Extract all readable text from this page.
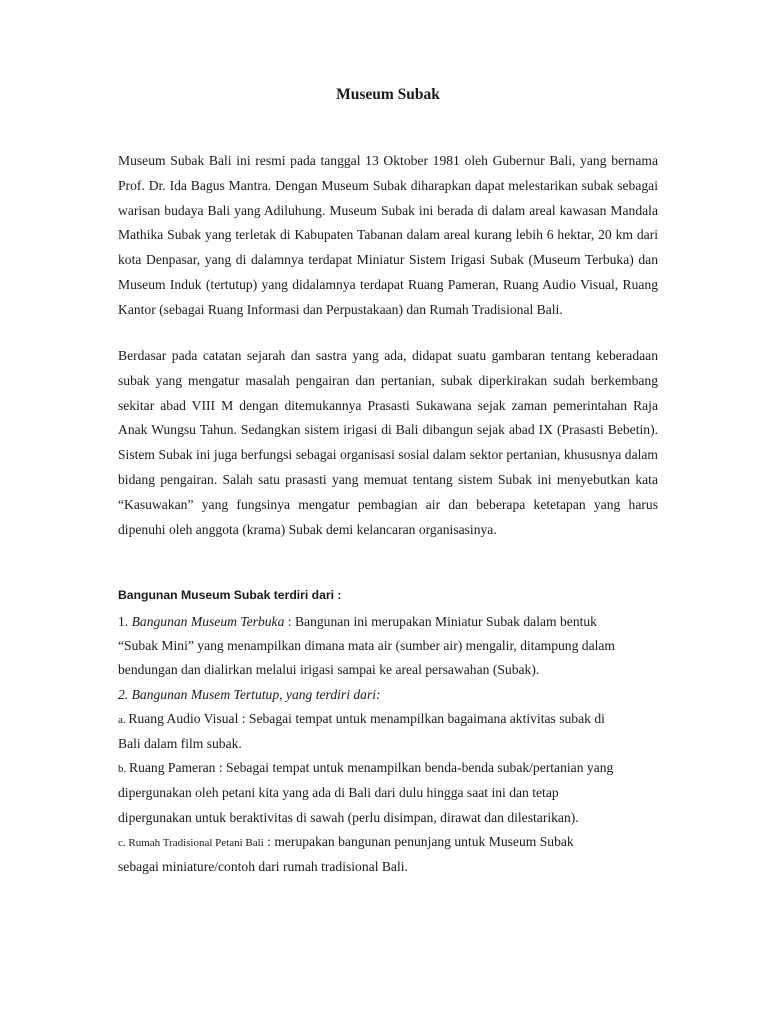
Museum Subak

Museum Subak Bali ini resmi pada tanggal 13 Oktober 1981 oleh Gubernur Bali, yang bernama Prof. Dr. Ida Bagus Mantra. Dengan Museum Subak diharapkan dapat melestarikan subak sebagai warisan budaya Bali yang Adiluhung. Museum Subak ini berada di dalam areal kawasan Mandala Mathika Subak yang terletak di Kabupaten Tabanan dalam areal kurang lebih 6 hektar, 20 km dari kota Denpasar, yang di dalamnya terdapat Miniatur Sistem Irigasi Subak (Museum Terbuka) dan Museum Induk (tertutup) yang didalamnya terdapat Ruang Pameran, Ruang Audio Visual, Ruang Kantor (sebagai Ruang Informasi dan Perpustakaan) dan Rumah Tradisional Bali.

Berdasar pada catatan sejarah dan sastra yang ada, didapat suatu gambaran tentang keberadaan subak yang mengatur masalah pengairan dan pertanian, subak diperkirakan sudah berkembang sekitar abad VIII M dengan ditemukannya Prasasti Sukawana sejak zaman pemerintahan Raja Anak Wungsu Tahun. Sedangkan sistem irigasi di Bali dibangun sejak abad IX (Prasasti Bebetin). Sistem Subak ini juga berfungsi sebagai organisasi sosial dalam sektor pertanian, khususnya dalam bidang pengairan. Salah satu prasasti yang memuat tentang sistem Subak ini menyebutkan kata “Kasuwakan” yang fungsinya mengatur pembagian air dan beberapa ketetapan yang harus dipenuhi oleh anggota (krama) Subak demi kelancaran organisasinya.

Bangunan Museum Subak terdiri dari :

1. Bangunan Museum Terbuka : Bangunan ini merupakan Miniatur Subak dalam bentuk

“Subak Mini” yang menampilkan dimana mata air (sumber air) mengalir, ditampung dalam

bendungan dan dialirkan melalui irigasi sampai ke areal persawahan (Subak).

2. Bangunan Musem Tertutup, yang terdiri dari:

a. Ruang Audio Visual : Sebagai tempat untuk menampilkan bagaimana aktivitas subak di

Bali dalam film subak.

b. Ruang Pameran : Sebagai tempat untuk menampilkan benda-benda subak/pertanian yang

dipergunakan oleh petani kita yang ada di Bali dari dulu hingga saat ini dan tetap

dipergunakan untuk beraktivitas di sawah (perlu disimpan, dirawat dan dilestarikan).

c. Rumah Tradisional Petani Bali : merupakan bangunan penunjang untuk Museum Subak

sebagai miniature/contoh dari rumah tradisional Bali.
